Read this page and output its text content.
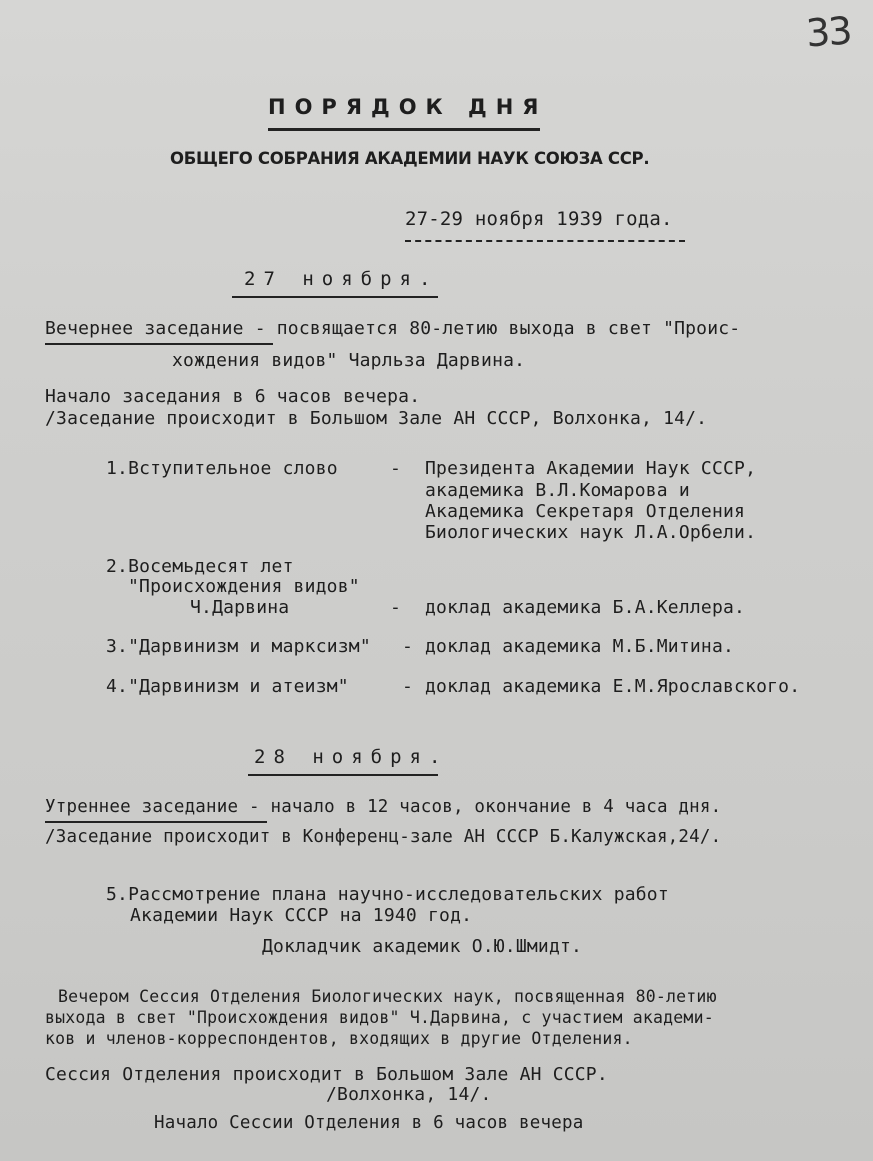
33
ПОРЯДОК ДНЯ
ОБЩЕГО СОБРАНИЯ АКАДЕМИИ НАУК СОЮЗА ССР.
27-29 ноября 1939 года.
27 ноября.
Вечернее заседание - посвящается 80-летию выхода в свет "Проис-
хождения видов" Чарльза Дарвина.
Начало заседания в 6 часов вечера.
/Заседание происходит в Большом Зале АН СССР, Волхонка, 14/.
1.Вступительное слово	- Президента Академии Наук СССР,
академика В.Л.Комарова и
Академика Секретаря Отделения
Биологических наук Л.А.Орбели.
2.Восемьдесят лет
"Происхождения видов"
Ч.Дарвина	- доклад академика Б.А.Келлера.
3."Дарвинизм и марксизм" - доклад академика М.Б.Митина.
4."Дарвинизм и атеизм"	- доклад академика Е.М.Ярославского.
28 ноября.
Утреннее заседание - начало в 12 часов, окончание в 4 часа дня.
/Заседание происходит в Конференц-зале АН СССР Б.Калужская,24/.
5.Рассмотрение плана научно-исследовательских работ
Академии Наук СССР на 1940 год.
Докладчик академик О.Ю.Шмидт.
Вечером Сессия Отделения Биологических наук, посвященная 80-летию
выхода в свет "Происхождения видов" Ч.Дарвина, с участием академи-
ков и членов-корреспондентов, входящих в другие Отделения.
Сессия Отделения происходит в Большом Зале АН СССР.
/Волхонка, 14/.
Начало Сессии Отделения в 6 часов вечера
